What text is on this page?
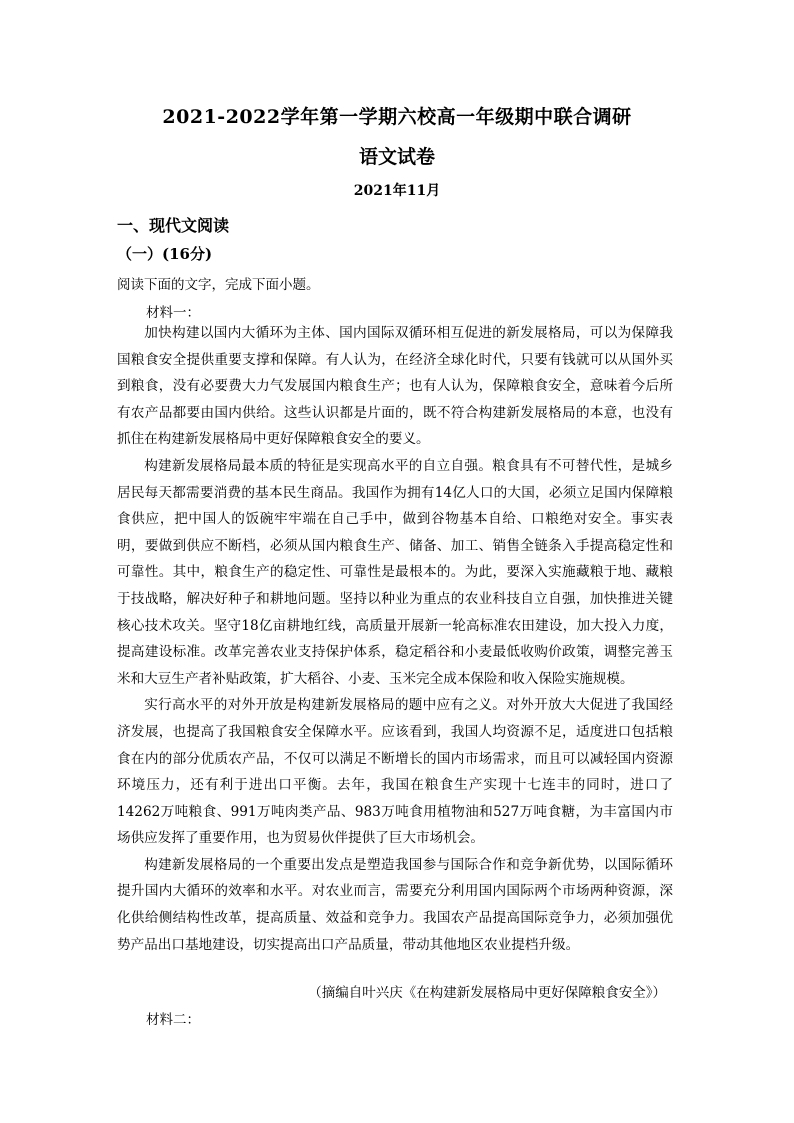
2021-2022学年第一学期六校高一年级期中联合调研
语文试卷
2021年11月
一、现代文阅读
（一）(16分)
阅读下面的文字，完成下面小题。
材料一：

加快构建以国内大循环为主体、国内国际双循环相互促进的新发展格局，可以为保障我国粮食安全提供重要支撑和保障。有人认为，在经济全球化时代，只要有钱就可以从国外买到粮食，没有必要费大力气发展国内粮食生产；也有人认为，保障粮食安全，意味着今后所有农产品都要由国内供给。这些认识都是片面的，既不符合构建新发展格局的本意，也没有抓住在构建新发展格局中更好保障粮食安全的要义。

构建新发展格局最本质的特征是实现高水平的自立自强。粮食具有不可替代性，是城乡居民每天都需要消费的基本民生商品。我国作为拥有14亿人口的大国，必须立足国内保障粮食供应，把中国人的饭碗牢牢端在自己手中，做到谷物基本自给、口粮绝对安全。事实表明，要做到供应不断档，必须从国内粮食生产、储备、加工、销售全链条入手提高稳定性和可靠性。其中，粮食生产的稳定性、可靠性是最根本的。为此，要深入实施藏粮于地、藏粮于技战略，解决好种子和耕地问题。坚持以种业为重点的农业科技自立自强，加快推进关键核心技术攻关。坚守18亿亩耕地红线，高质量开展新一轮高标准农田建设，加大投入力度，提高建设标准。改革完善农业支持保护体系，稳定稻谷和小麦最低收购价政策，调整完善玉米和大豆生产者补贴政策，扩大稻谷、小麦、玉米完全成本保险和收入保险实施规模。

实行高水平的对外开放是构建新发展格局的题中应有之义。对外开放大大促进了我国经济发展，也提高了我国粮食安全保障水平。应该看到，我国人均资源不足，适度进口包括粮食在内的部分优质农产品，不仅可以满足不断增长的国内市场需求，而且可以减轻国内资源环境压力，还有利于进出口平衡。去年，我国在粮食生产实现十七连丰的同时，进口了14262万吨粮食、991万吨肉类产品、983万吨食用植物油和527万吨食糖，为丰富国内市场供应发挥了重要作用，也为贸易伙伴提供了巨大市场机会。

构建新发展格局的一个重要出发点是塑造我国参与国际合作和竞争新优势，以国际循环提升国内大循环的效率和水平。对农业而言，需要充分利用国内国际两个市场两种资源，深化供给侧结构性改革，提高质量、效益和竞争力。我国农产品提高国际竞争力，必须加强优势产品出口基地建设，切实提高出口产品质量，带动其他地区农业提档升级。

（摘编自叶兴庆《在构建新发展格局中更好保障粮食安全》）
材料二：
